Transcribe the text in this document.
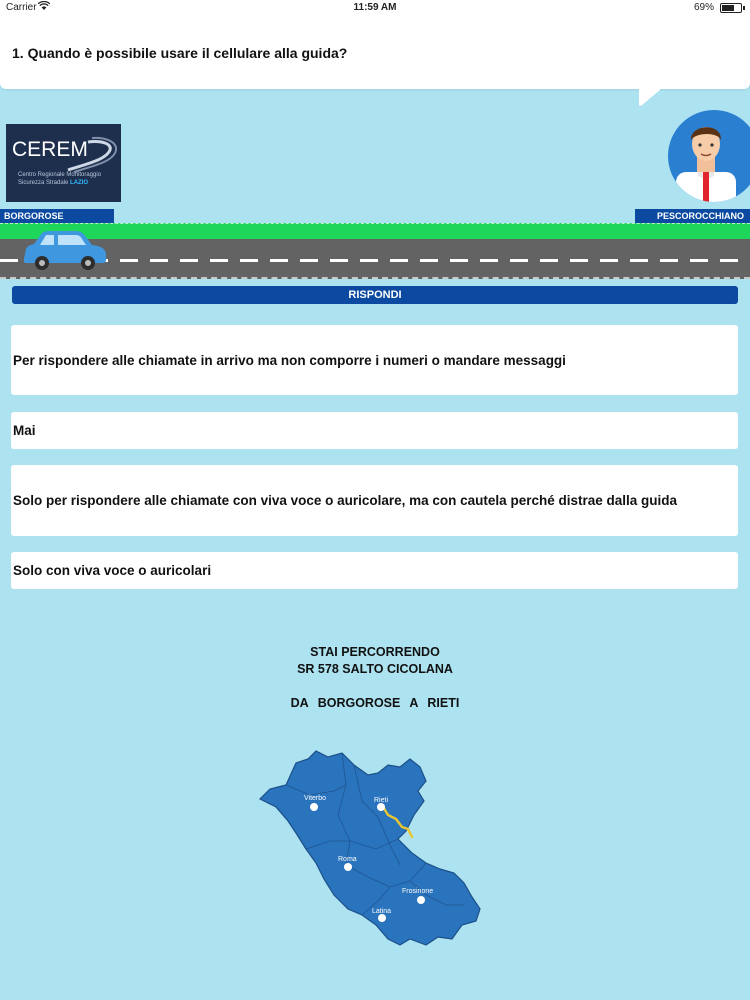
Carrier	11:59 AM	69%
1. Quando è possibile usare il cellulare alla guida?
CEREM
Centro Regionale Monitoraggio Sicurezza Stradale LAZIO
BORGOROSE	PESCOROCCHIANO
RISPONDI
Per rispondere alle chiamate in arrivo ma non comporre i numeri o mandare messaggi
Mai
Solo per rispondere alle chiamate con viva voce o auricolare, ma con cautela perché distrae dalla guida
Solo con viva voce o auricolari
STAI PERCORRENDO
SR 578 SALTO CICOLANA
DA BORGOROSE A RIETI
Viterbo	Rieti
Roma
Frosinone
Latina
